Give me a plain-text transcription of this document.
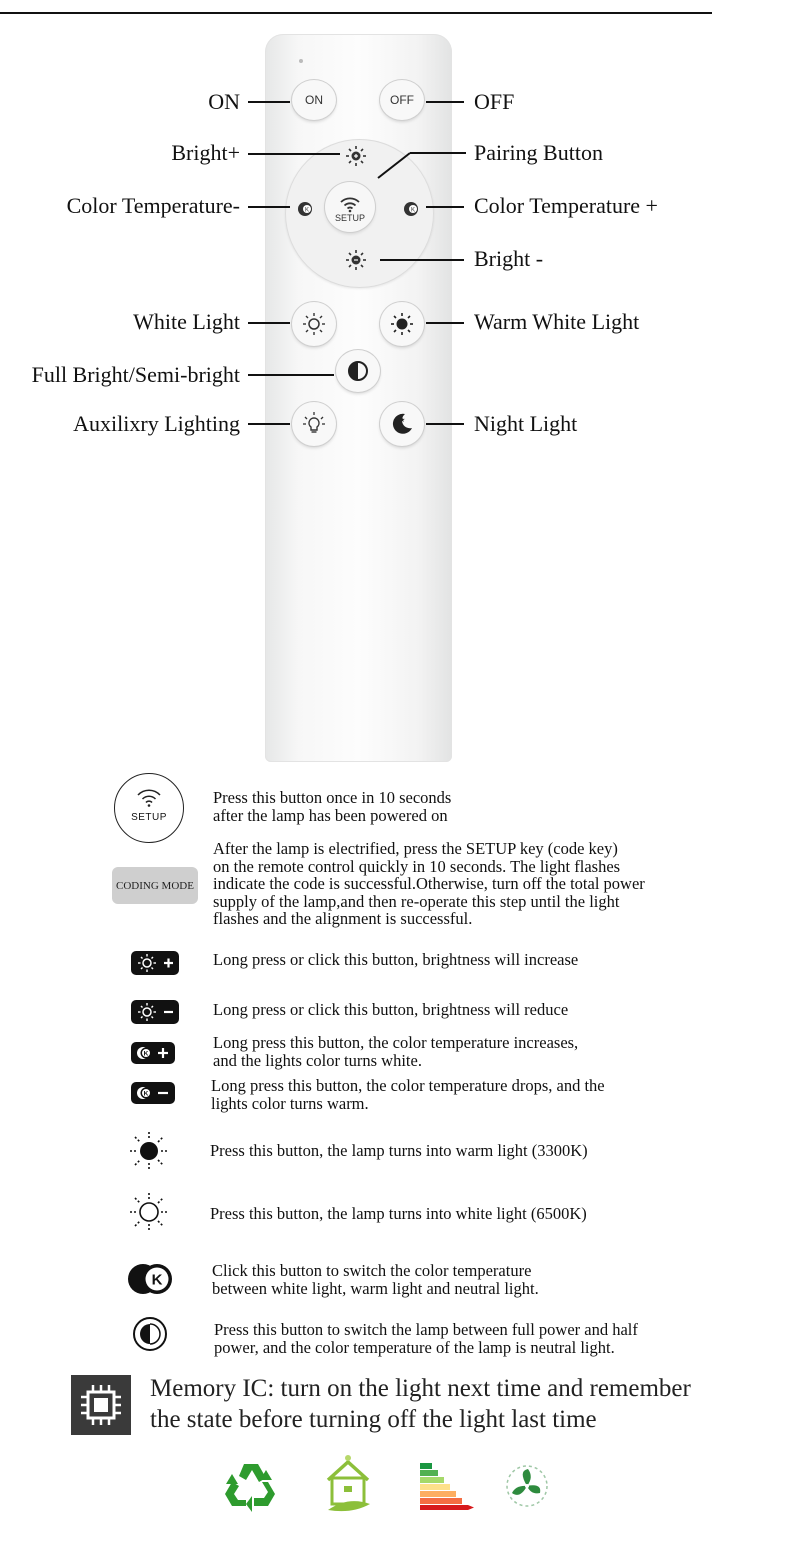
ON	OFF
K	K
SETUP
★
ON	OFF
Bright+	Pairing Button
Color Temperature-	Color Temperature +
Bright -
White Light	Warm White Light
Full Bright/Semi-bright
Auxilixry Lighting	Night Light
SETUP
Press this button once in 10 seconds
after the lamp has been powered on
CODING MODE
After the lamp is electrified, press the SETUP key (code key)
on the remote control quickly in 10 seconds. The light flashes
indicate the code is successful.Otherwise, turn off the total power
supply of the lamp,and then re-operate this step until the light
flashes and the alignment is successful.
Long press or click this button, brightness will increase
Long press or click this button, brightness will reduce
K
Long press this button, the color temperature increases,
and the lights color turns white.
K	Long press this button, the color temperature drops, and the
lights color turns warm.
Press this button, the lamp turns into warm light (3300K)
Press this button, the lamp turns into white light (6500K)
K	Click this button to switch the color temperature
between white light, warm light and neutral light.
Press this button to switch the lamp between full power and half
power, and the color temperature of the lamp is neutral light.
Memory IC: turn on the light next time and remember
the state before turning off the light last time
